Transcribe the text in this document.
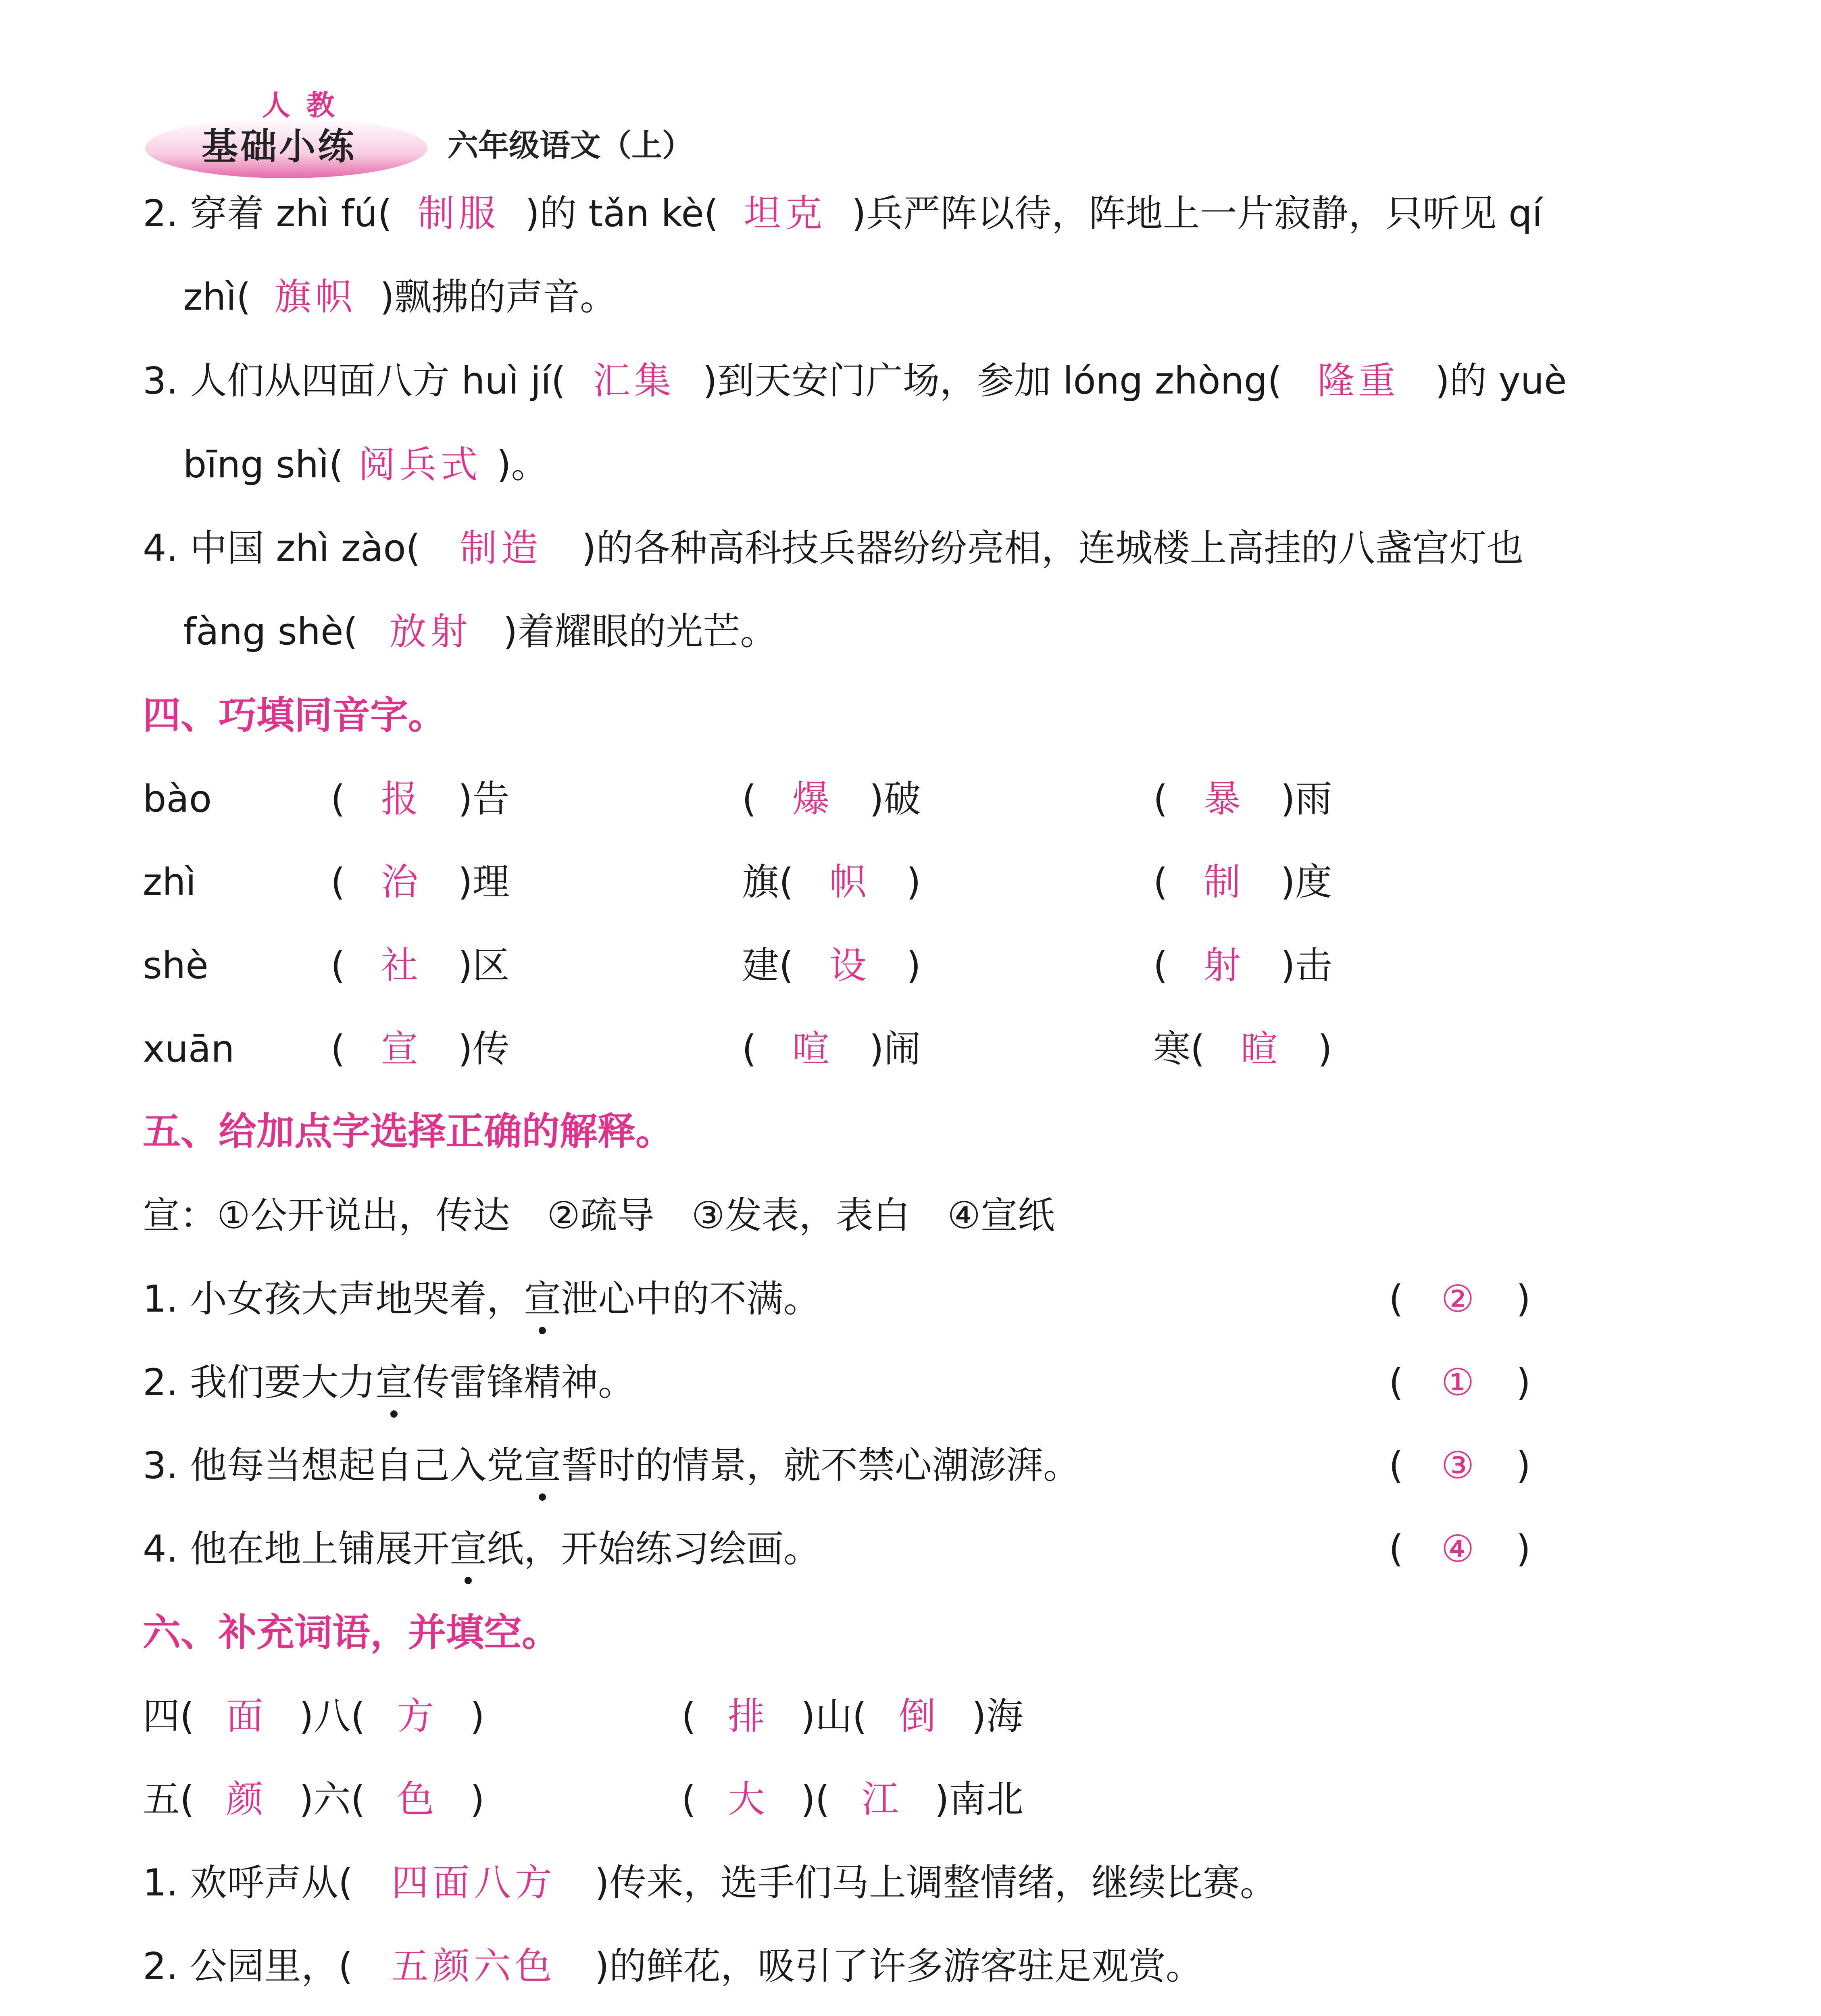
人教
基础小练	六年级语文（上）
2. 穿着 zhì fú( 制服 )的 tǎn kè( 坦克 )兵严阵以待，阵地上一片寂静，只听见 qí
zhì( 旗帜 )飘拂的声音。
3. 人们从四面八方 huì jí( 汇集 )到天安门广场，参加 lóng zhòng( 隆重 )的 yuè
bīng shì( 阅兵式 )。
4. 中国 zhì zào( 制造 )的各种高科技兵器纷纷亮相，连城楼上高挂的八盏宫灯也
fàng shè( 放射 )着耀眼的光芒。
四、巧填同音字。
bào	( 报 )告	( 爆 )破	( 暴 )雨
zhì	( 治 )理	旗( 帜 )	( 制 )度
shè	( 社 )区	建( 设 )	( 射 )击
xuān	( 宣 )传	( 喧 )闹	寒( 暄 )
五、给加点字选择正确的解释。
宣：①公开说出，传达　②疏导　③发表，表白　④宣纸
1. 小女孩大声地哭着，宣泄心中的不满。	( ② )
2. 我们要大力宣传雷锋精神。	( ① )
3. 他每当想起自己入党宣誓时的情景，就不禁心潮澎湃。	( ③ )
4. 他在地上铺展开宣纸，开始练习绘画。	( ④ )
六、补充词语，并填空。
四( 面 )八( 方 )	( 排 )山( 倒 )海
五( 颜 )六( 色 )	( 大 )( 江 )南北
1. 欢呼声从( 四面八方 )传来，选手们马上调整情绪，继续比赛。
2. 公园里，( 五颜六色 )的鲜花，吸引了许多游客驻足观赏。
